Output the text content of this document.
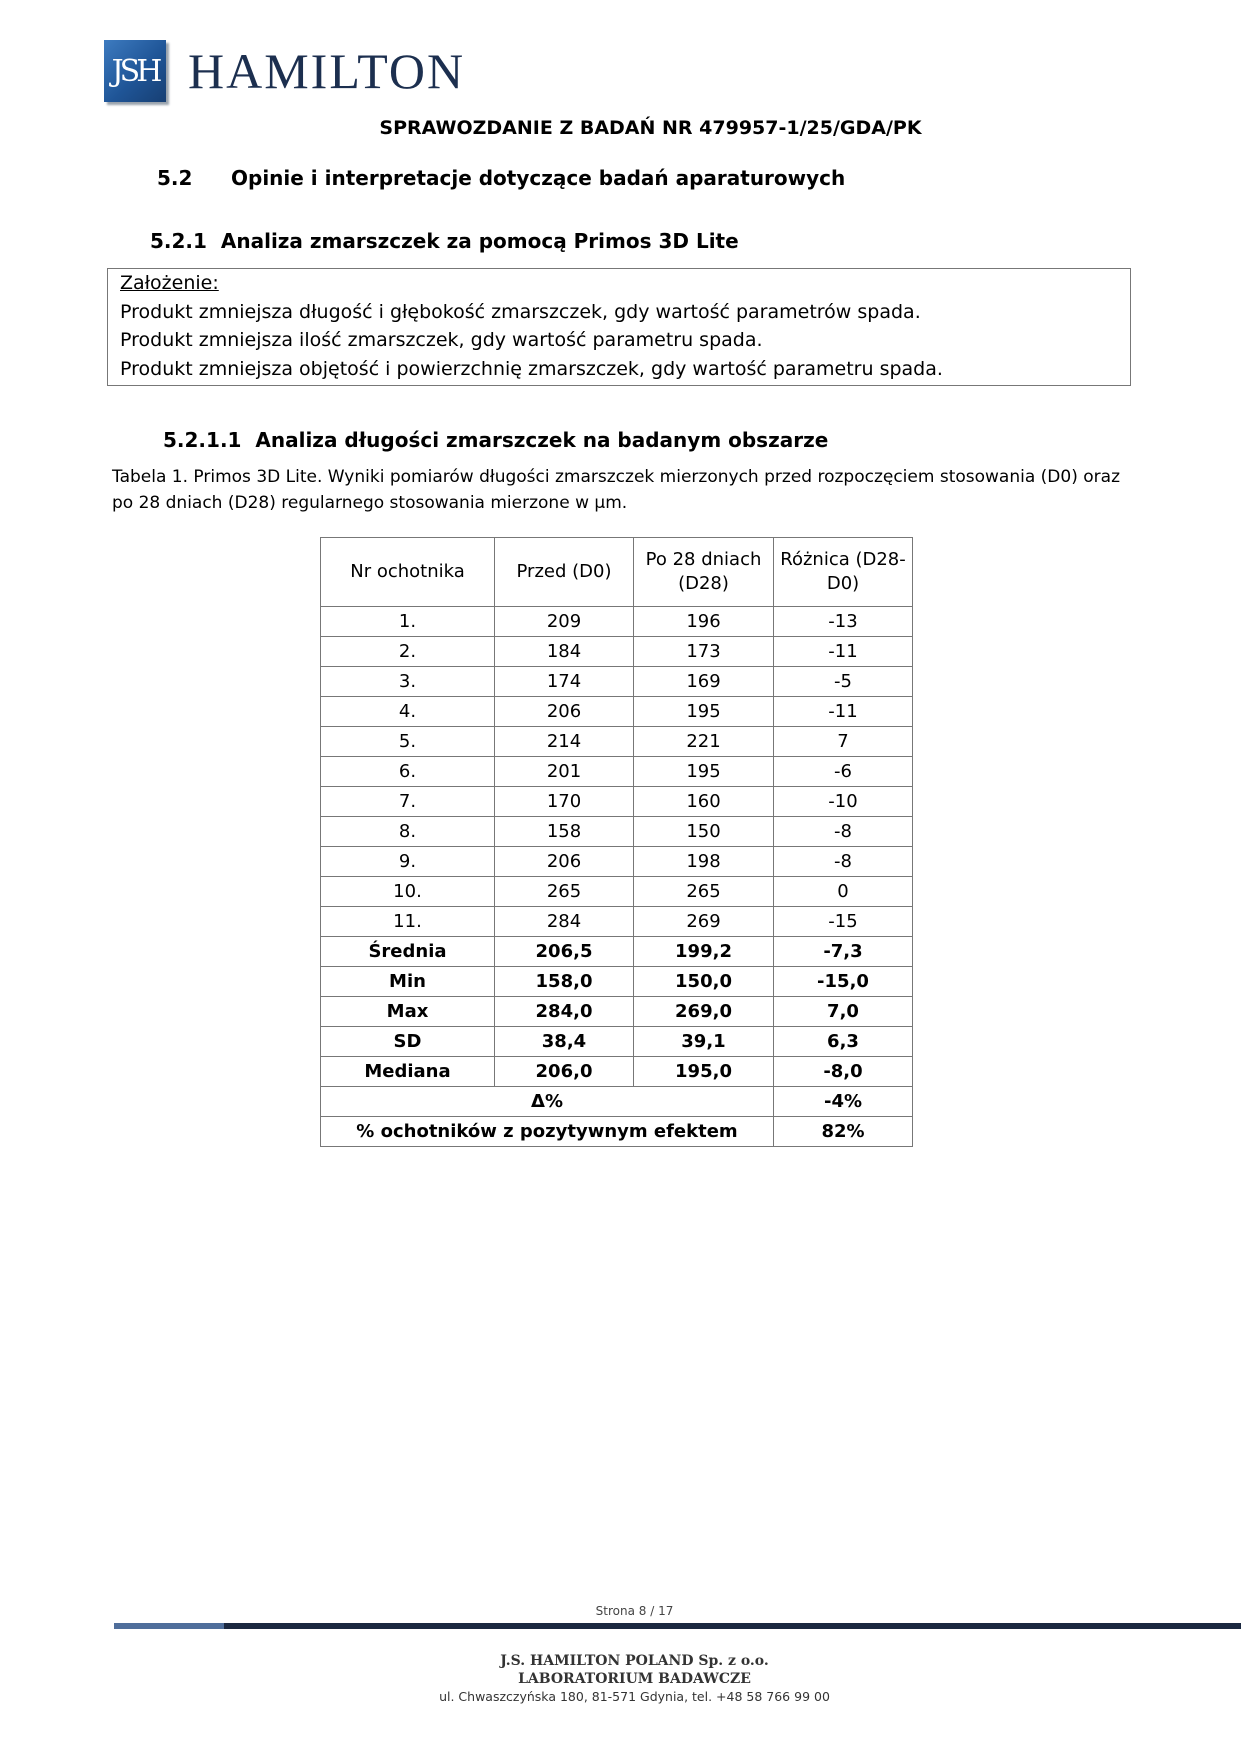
JSH HAMILTON
SPRAWOZDANIE Z BADAŃ NR 479957-1/25/GDA/PK
5.2 Opinie i interpretacje dotyczące badań aparaturowych
5.2.1  Analiza zmarszczek za pomocą Primos 3D Lite
Założenie:
Produkt zmniejsza długość i głębokość zmarszczek, gdy wartość parametrów spada.
Produkt zmniejsza ilość zmarszczek, gdy wartość parametru spada.
Produkt zmniejsza objętość i powierzchnię zmarszczek, gdy wartość parametru spada.
5.2.1.1  Analiza długości zmarszczek na badanym obszarze
Tabela 1. Primos 3D Lite. Wyniki pomiarów długości zmarszczek mierzonych przed rozpoczęciem stosowania (D0) oraz po 28 dniach (D28) regularnego stosowania mierzone w µm.
Nr ochotnika	Przed (D0)	Po 28 dniach (D28)	Różnica (D28-D0)
1.	209	196	-13
2.	184	173	-11
3.	174	169	-5
4.	206	195	-11
5.	214	221	7
6.	201	195	-6
7.	170	160	-10
8.	158	150	-8
9.	206	198	-8
10.	265	265	0
11.	284	269	-15
Średnia	206,5	199,2	-7,3
Min	158,0	150,0	-15,0
Max	284,0	269,0	7,0
SD	38,4	39,1	6,3
Mediana	206,0	195,0	-8,0
Δ%			-4%
% ochotników z pozytywnym efektem			82%
Strona 8 / 17
J.S. HAMILTON POLAND Sp. z o.o.
LABORATORIUM BADAWCZE
ul. Chwaszczyńska 180, 81-571 Gdynia, tel. +48 58 766 99 00
